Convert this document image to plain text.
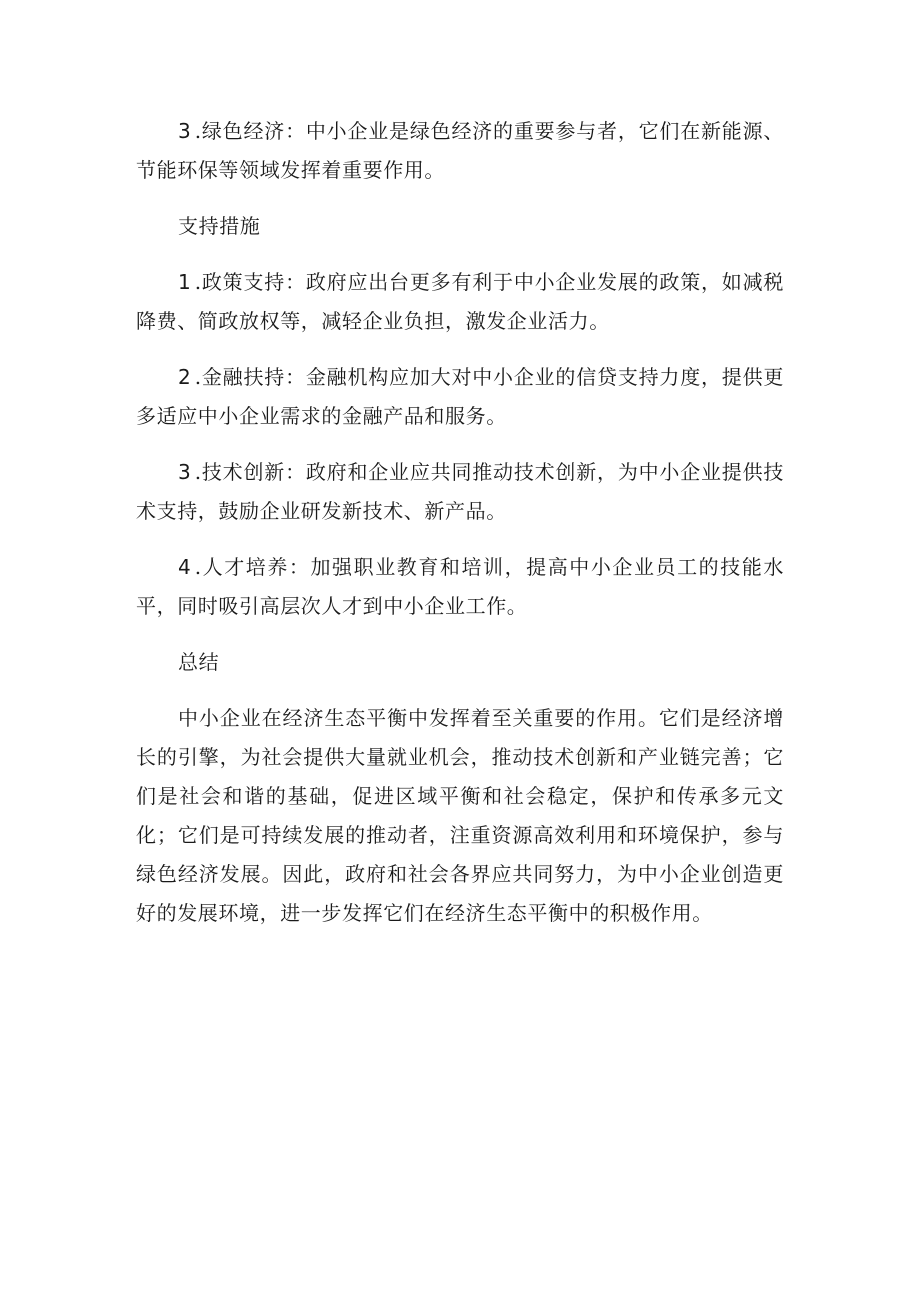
3.绿色经济：中小企业是绿色经济的重要参与者，它们在新能源、节能环保等领域发挥着重要作用。

支持措施

1.政策支持：政府应出台更多有利于中小企业发展的政策，如减税降费、简政放权等，减轻企业负担，激发企业活力。

2.金融扶持：金融机构应加大对中小企业的信贷支持力度，提供更多适应中小企业需求的金融产品和服务。

3.技术创新：政府和企业应共同推动技术创新，为中小企业提供技术支持，鼓励企业研发新技术、新产品。

4.人才培养：加强职业教育和培训，提高中小企业员工的技能水平，同时吸引高层次人才到中小企业工作。

总结

中小企业在经济生态平衡中发挥着至关重要的作用。它们是经济增长的引擎，为社会提供大量就业机会，推动技术创新和产业链完善；它们是社会和谐的基础，促进区域平衡和社会稳定，保护和传承多元文化；它们是可持续发展的推动者，注重资源高效利用和环境保护，参与绿色经济发展。因此，政府和社会各界应共同努力，为中小企业创造更好的发展环境，进一步发挥它们在经济生态平衡中的积极作用。
